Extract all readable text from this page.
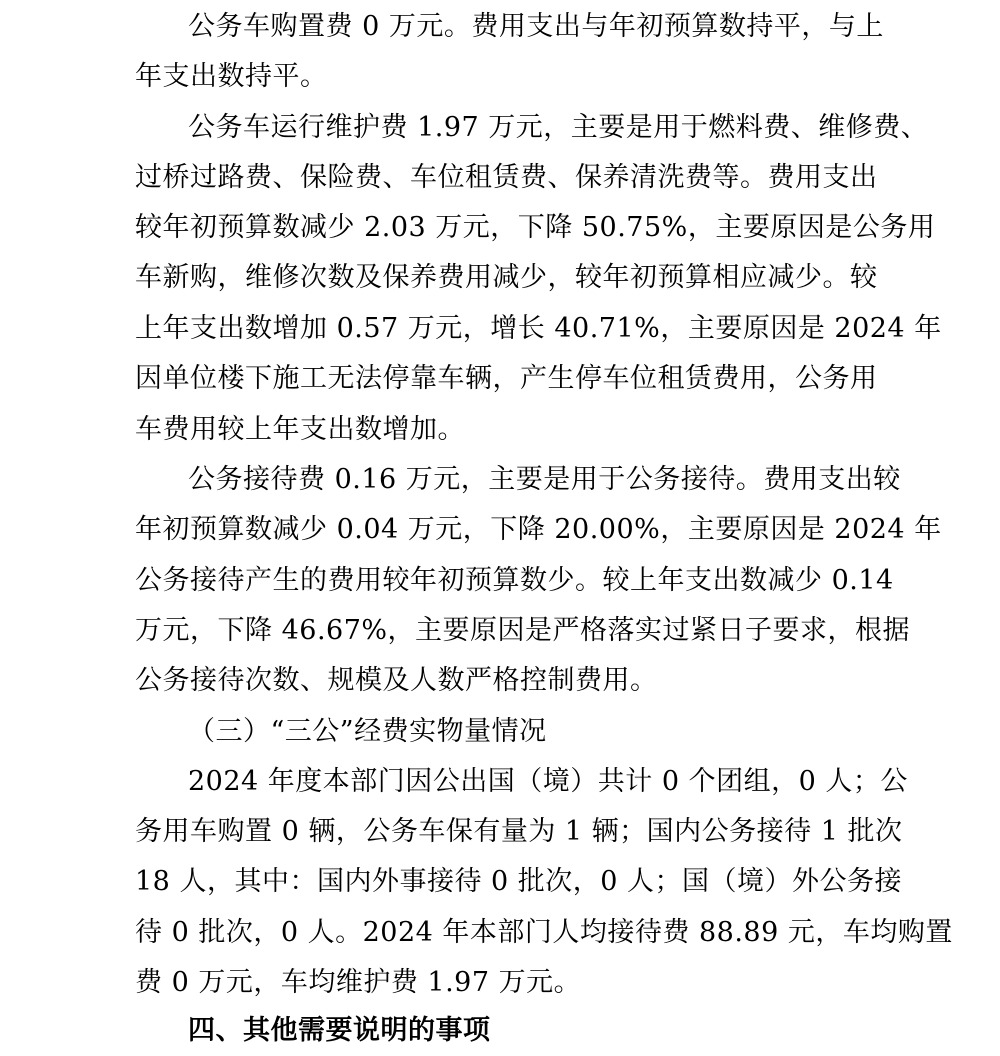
公务车购置费 0 万元。费用支出与年初预算数持平，与上
年支出数持平。
公务车运行维护费 1.97 万元，主要是用于燃料费、维修费、
过桥过路费、保险费、车位租赁费、保养清洗费等。费用支出
较年初预算数减少 2.03 万元，下降 50.75%，主要原因是公务用
车新购，维修次数及保养费用减少，较年初预算相应减少。较
上年支出数增加 0.57 万元，增长 40.71%，主要原因是 2024 年
因单位楼下施工无法停靠车辆，产生停车位租赁费用，公务用
车费用较上年支出数增加。
公务接待费 0.16 万元，主要是用于公务接待。费用支出较
年初预算数减少 0.04 万元，下降 20.00%，主要原因是 2024 年
公务接待产生的费用较年初预算数少。较上年支出数减少 0.14
万元，下降 46.67%，主要原因是严格落实过紧日子要求，根据
公务接待次数、规模及人数严格控制费用。
（三）“三公”经费实物量情况
2024 年度本部门因公出国（境）共计 0 个团组，0 人；公
务用车购置 0 辆，公务车保有量为 1 辆；国内公务接待 1 批次
18 人，其中：国内外事接待 0 批次，0 人；国（境）外公务接
待 0 批次，0 人。2024 年本部门人均接待费 88.89 元，车均购置
费 0 万元，车均维护费 1.97 万元。
四、其他需要说明的事项
